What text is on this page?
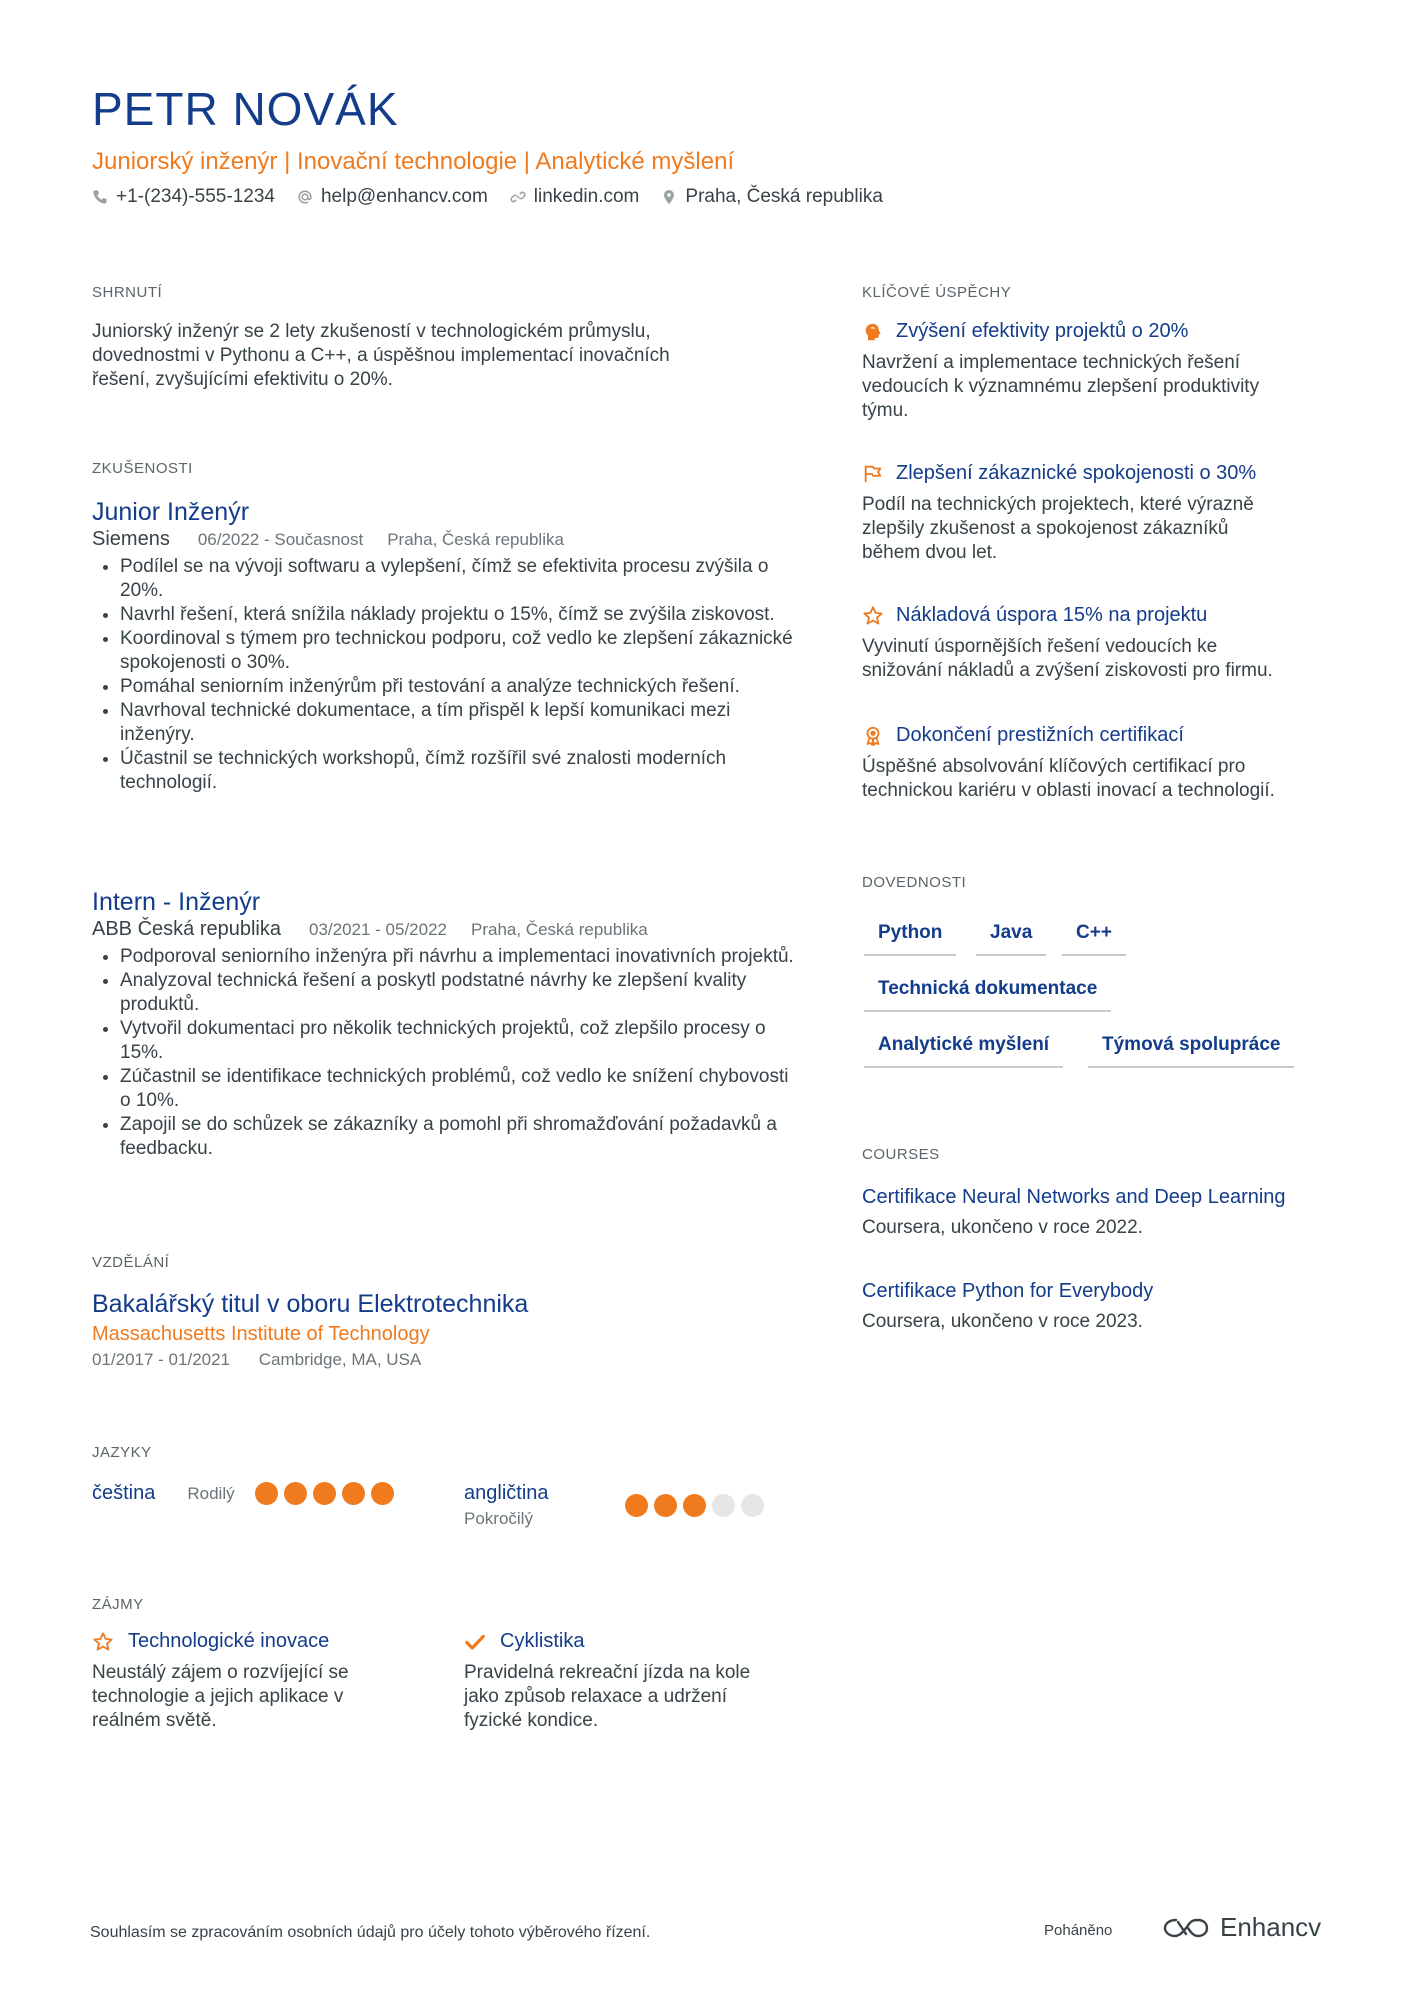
PETR NOVÁK
Juniorský inženýr | Inovační technologie | Analytické myšlení
+1-(234)-555-1234 help@enhancv.com linkedin.com Praha, Česká republika
SHRNUTÍ
Juniorský inženýr se 2 lety zkušeností v technologickém průmyslu,
dovednostmi v Pythonu a C++, a úspěšnou implementací inovačních
řešení, zvyšujícími efektivitu o 20%.
ZKUŠENOSTI
Junior Inženýr
Siemens 06/2022 - Současnost Praha, Česká republika
• Podílel se na vývoji softwaru a vylepšení, čímž se efektivita procesu zvýšila o 20%.
• Navrhl řešení, která snížila náklady projektu o 15%, čímž se zvýšila ziskovost.
• Koordinoval s týmem pro technickou podporu, což vedlo ke zlepšení zákaznické spokojenosti o 30%.
• Pomáhal seniorním inženýrům při testování a analýze technických řešení.
• Navrhoval technické dokumentace, a tím přispěl k lepší komunikaci mezi inženýry.
• Účastnil se technických workshopů, čímž rozšířil své znalosti moderních technologií.
Intern - Inženýr
ABB Česká republika 03/2021 - 05/2022 Praha, Česká republika
• Podporoval seniorního inženýra při návrhu a implementaci inovativních projektů.
• Analyzoval technická řešení a poskytl podstatné návrhy ke zlepšení kvality produktů.
• Vytvořil dokumentaci pro několik technických projektů, což zlepšilo procesy o 15%.
• Zúčastnil se identifikace technických problémů, což vedlo ke snížení chybovosti o 10%.
• Zapojil se do schůzek se zákazníky a pomohl při shromažďování požadavků a feedbacku.
VZDĚLÁNÍ
Bakalářský titul v oboru Elektrotechnika
Massachusetts Institute of Technology
01/2017 - 01/2021 Cambridge, MA, USA
JAZYKY
čeština Rodilý	angličtina
Pokročilý
ZÁJMY
Technologické inovace
Neustálý zájem o rozvíjející se
technologie a jejich aplikace v
reálném světě.
Cyklistika
Pravidelná rekreační jízda na kole
jako způsob relaxace a udržení
fyzické kondice.
KLÍČOVÉ ÚSPĚCHY
Zvýšení efektivity projektů o 20%
Navržení a implementace technických řešení
vedoucích k významnému zlepšení produktivity
týmu.
Zlepšení zákaznické spokojenosti o 30%
Podíl na technických projektech, které výrazně
zlepšily zkušenost a spokojenost zákazníků
během dvou let.
Nákladová úspora 15% na projektu
Vyvinutí úspornějších řešení vedoucích ke
snižování nákladů a zvýšení ziskovosti pro firmu.
Dokončení prestižních certifikací
Úspěšné absolvování klíčových certifikací pro
technickou kariéru v oblasti inovací a technologií.
DOVEDNOSTI
Python	Java	C++
Technická dokumentace
Analytické myšlení	Týmová spolupráce
COURSES
Certifikace Neural Networks and Deep Learning
Coursera, ukončeno v roce 2022.
Certifikace Python for Everybody
Coursera, ukončeno v roce 2023.
Souhlasím se zpracováním osobních údajů pro účely tohoto výběrového řízení.	Poháněno	Enhancv
